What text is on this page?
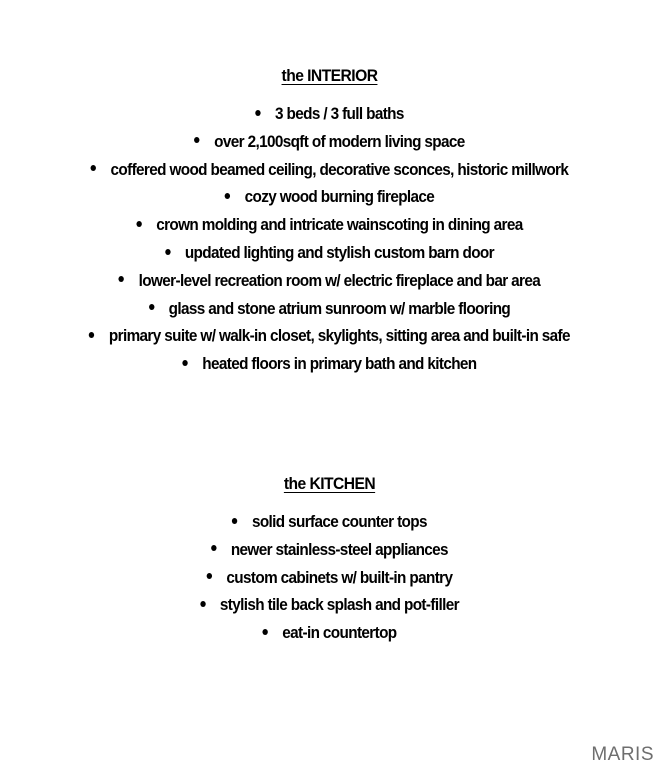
the INTERIOR
3 beds / 3 full baths
over 2,100sqft of modern living space
coffered wood beamed ceiling, decorative sconces, historic millwork
cozy wood burning fireplace
crown molding and intricate wainscoting in dining area
updated lighting and stylish custom barn door
lower-level recreation room w/ electric fireplace and bar area
glass and stone atrium sunroom w/ marble flooring
primary suite w/ walk-in closet, skylights, sitting area and built-in safe
heated floors in primary bath and kitchen
the KITCHEN
solid surface counter tops
newer stainless-steel appliances
custom cabinets w/ built-in pantry
stylish tile back splash and pot-filler
eat-in countertop
MARIS
